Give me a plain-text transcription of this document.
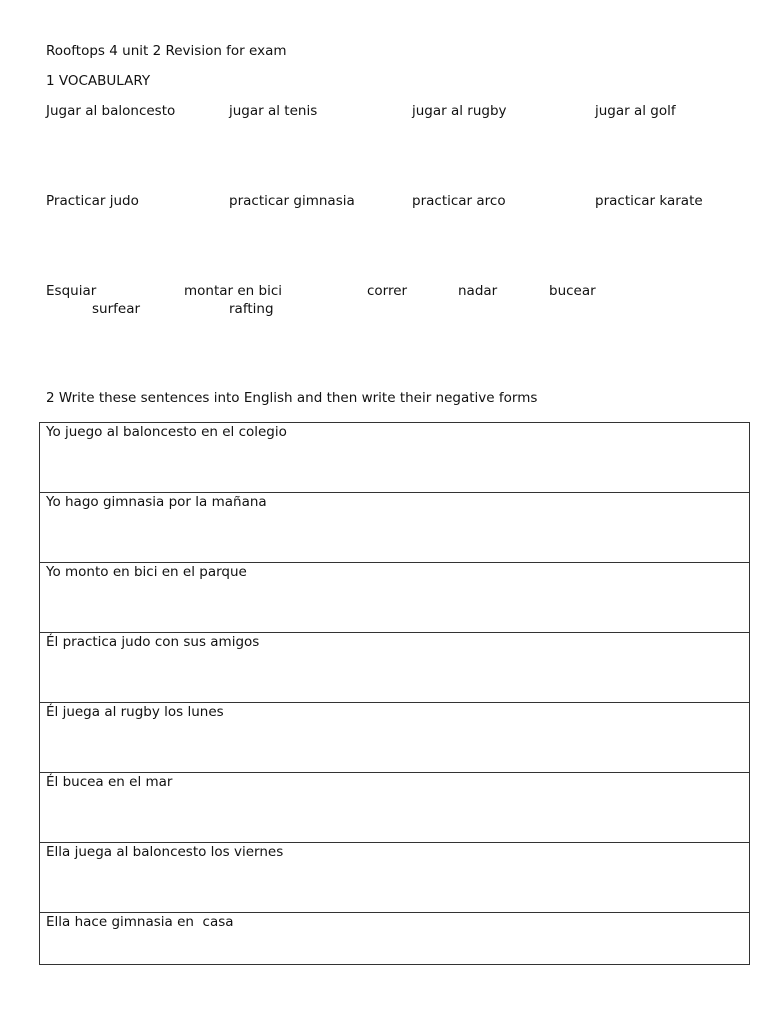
Rooftops 4 unit 2 Revision for exam
1 VOCABULARY
Jugar al baloncesto	jugar al tenis	jugar al rugby	jugar al golf
Practicar judo	practicar gimnasia	practicar arco	practicar karate
Esquiar	montar en bici	correr	nadar	bucear
surfear	rafting
2 Write these sentences into English and then write their negative forms
Yo juego al baloncesto en el colegio

Yo hago gimnasia por la mañana

Yo monto en bici en el parque

Él practica judo con sus amigos

Él juega al rugby los lunes

Él bucea en el mar

Ella juega al baloncesto los viernes

Ella hace gimnasia en  casa
